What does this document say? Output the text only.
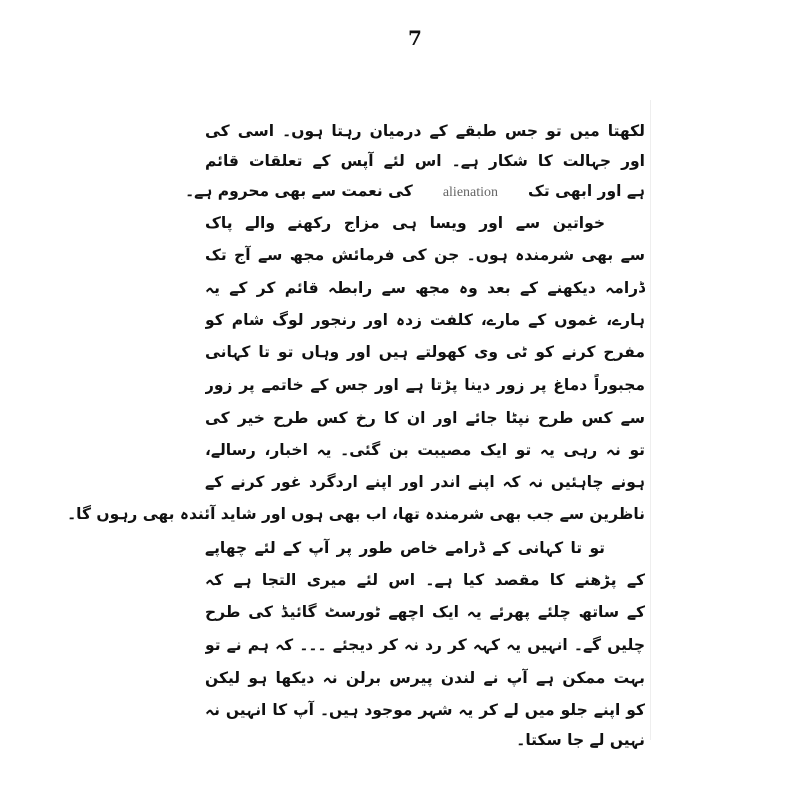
7
لکھتا میں تو جس طبقے کے درمیان رہتا ہوں۔ اسی کی
اور جہالت کا شکار ہے۔ اس لئے آپس کے تعلقات قائم
ہے اور ابھی تکalienationکی نعمت سے بھی محروم ہے۔
خواتین سے اور ویسا ہی مزاج رکھنے والے پاک
سے بھی شرمندہ ہوں۔ جن کی فرمائش مجھ سے آج تک
ڈرامہ دیکھنے کے بعد وہ مجھ سے رابطہ قائم کر کے یہ
ہارے، غموں کے مارے، کلفت زدہ اور رنجور لوگ شام کو
مفرح کرنے کو ٹی وی کھولتے ہیں اور وہاں تو تا کہانی
مجبوراً دماغ پر زور دینا پڑتا ہے اور جس کے خاتمے پر زور
سے کس طرح نپٹا جائے اور ان کا رخ کس طرح خیر کی
تو نہ رہی یہ تو ایک مصیبت بن گئی۔ یہ اخبار، رسالے،
ہونے چاہئیں نہ کہ اپنے اندر اور اپنے اردگرد غور کرنے کے
ناظرین سے جب بھی شرمندہ تھا، اب بھی ہوں اور شاید آئندہ بھی رہوں گا۔
تو تا کہانی کے ڈرامے خاص طور پر آپ کے لئے چھاپے
کے پڑھنے کا مقصد کیا ہے۔ اس لئے میری التجا ہے کہ
کے ساتھ چلئے پھرئے یہ ایک اچھے ٹورسٹ گائیڈ کی طرح
چلیں گے۔ انہیں یہ کہہ کر رد نہ کر دیجئے ۔۔۔ کہ ہم نے تو
بہت ممکن ہے آپ نے لندن پیرس برلن نہ دیکھا ہو لیکن
کو اپنے جلو میں لے کر یہ شہر موجود ہیں۔ آپ کا انہیں نہ
نہیں لے جا سکتا۔
